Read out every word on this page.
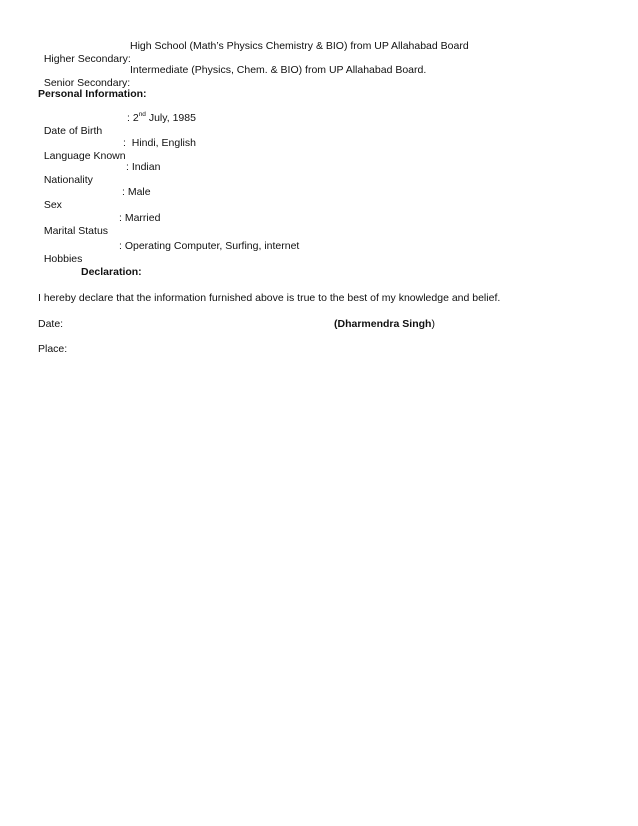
Higher Secondary:

High School (Math’s Physics Chemistry & BIO) from UP Allahabad Board

Senior Secondary:

Intermediate (Physics, Chem. & BIO) from UP Allahabad Board.

Personal Information:

Date of Birth

: 2nd July, 1985

Language Known

:  Hindi, English

Nationality

: Indian

Sex

: Male

Marital Status

: Married

Hobbies

: Operating Computer, Surfing, internet

Declaration:
I hereby declare that the information furnished above is true to the best of my knowledge and belief.
Date:	(Dharmendra Singh)
Place:
